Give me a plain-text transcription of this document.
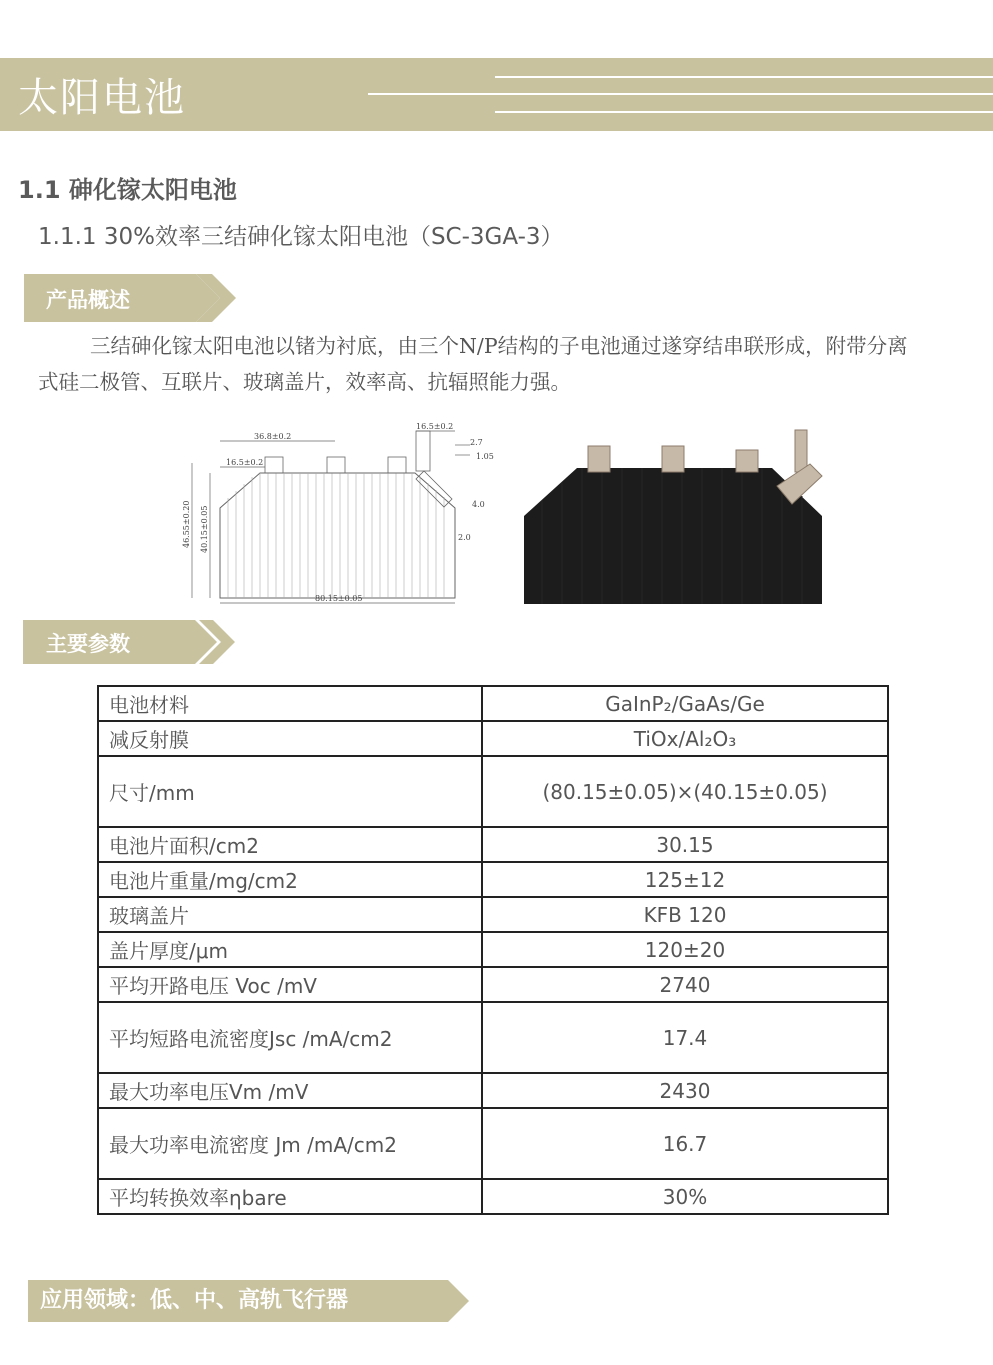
太阳电池
1.1 砷化镓太阳电池
1.1.1 30%效率三结砷化镓太阳电池（SC-3GA-3）
产品概述
三结砷化镓太阳电池以锗为衬底，由三个N/P结构的子电池通过遂穿结串联形成，附带分离式硅二极管、互联片、玻璃盖片，效率高、抗辐照能力强。
36.8±0.2
16.5±0.2
16.5±0.2
2.7
1.05
4.0
2.0
80.15±0.05
46.55±0.20 40.15±0.05
主要参数
电池材料	GaInP₂/GaAs/Ge
减反射膜	TiOx/Al₂O₃
尺寸/mm	(80.15±0.05)×(40.15±0.05)
电池片面积/cm2	30.15
电池片重量/mg/cm2	125±12
玻璃盖片	KFB 120
盖片厚度/μm	120±20
平均开路电压 Voc /mV	2740
平均短路电流密度Jsc /mA/cm2	17.4
最大功率电压Vm /mV	2430
最大功率电流密度 Jm /mA/cm2	16.7
平均转换效率ηbare	30%
应用领域：低、中、高轨飞行器
